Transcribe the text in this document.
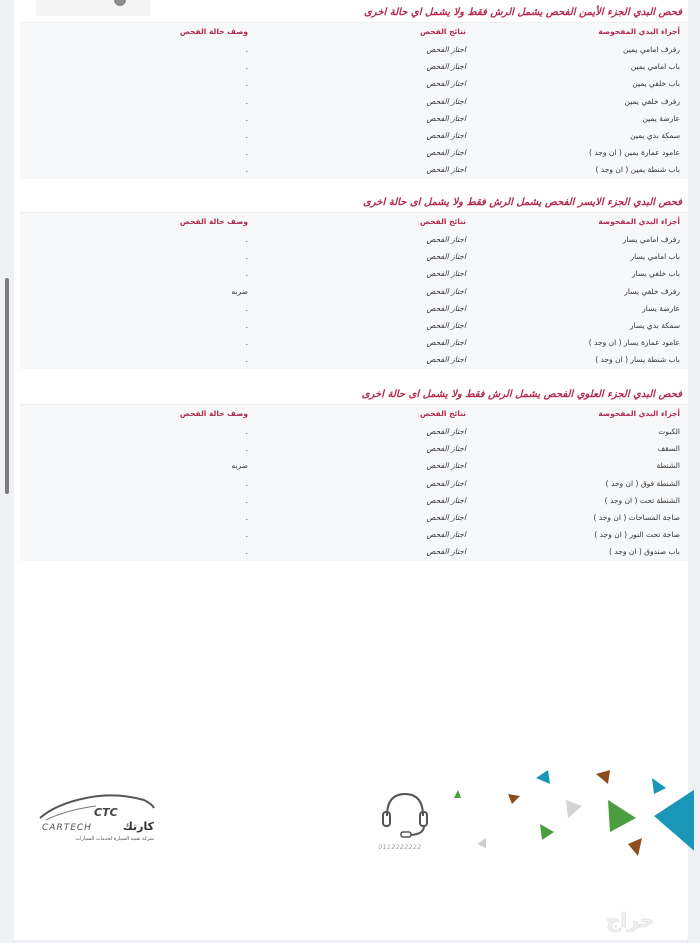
فحص البدي الجزء الأيمن الفحص يشمل الرش فقط ولا يشمل اي حالة اخرى
أجزاء البدي المفحوصة
نتائج الفحص
وصف حالة الفحص
رفرف امامي يمين
اجتاز الفحص
.
باب امامي يمين
اجتاز الفحص
.
باب خلفي يمين
اجتاز الفحص
.
رفرف خلفي يمين
اجتاز الفحص
.
عارضة يمين
اجتاز الفحص
.
سمكة بدي يمين
اجتاز الفحص
.
عامود عمارة يمين ( ان وجد )
اجتاز الفحص
.
باب شنطة يمين ( ان وجد )
اجتاز الفحص
.
فحص البدي الجزء الايسر الفحص يشمل الرش فقط ولا يشمل اى حالة اخرى
أجزاء البدي المفحوصة
نتائج الفحص
وصف حالة الفحص
رفرف امامي يسار
اجتاز الفحص
.
باب امامي يسار
اجتاز الفحص
.
باب خلفي يسار
اجتاز الفحص
.
رفرف خلفي يسار
اجتاز الفحص
ضربه
عارضة يسار
اجتاز الفحص
.
سمكة بدي يسار
اجتاز الفحص
.
عامود عمارة يسار ( ان وجد )
اجتاز الفحص
.
باب شنطة يسار ( ان وجد )
اجتاز الفحص
.
فحص البدي الجزء العلوي الفحص يشمل الرش فقط ولا يشمل اى حالة اخرى
أجزاء البدي المفحوصة
نتائج الفحص
وصف حالة الفحص
الكبوت
اجتاز الفحص
.
السقف
اجتاز الفحص
.
الشنطة
اجتاز الفحص
ضربه
الشنطة فوق ( ان وجد )
اجتاز الفحص
.
الشنطة تحت ( ان وجد )
اجتاز الفحص
.
صاجة المساحات ( ان وجد )
اجتاز الفحص
.
صاجة تحت النور ( ان وجد )
اجتاز الفحص
.
باب صندوق ( ان وجد )
اجتاز الفحص
.
CTC
CARTECH	كارتك
شركة تقنية السيارة لخدمات السيارات
0112222222
حراج
